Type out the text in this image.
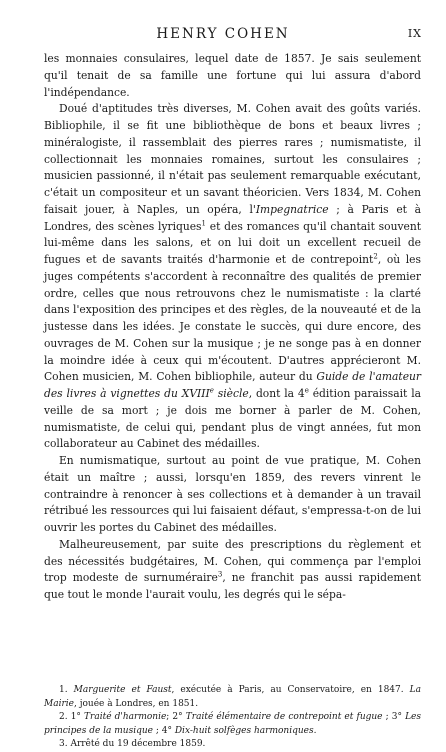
HENRY COHEN	IX

les monnaies consulaires, lequel date de 1857. Je sais seulement qu'il tenait de sa famille une fortune qui lui assura d'abord l'indépendance.

Doué d'aptitudes très diverses, M. Cohen avait des goûts variés. Bibliophile, il se fit une bibliothèque de bons et beaux livres ; minéralogiste, il rassemblait des pierres rares ; numismatiste, il collectionnait les monnaies romaines, surtout les consulaires ; musicien passionné, il n'était pas seulement remarquable exécutant, c'était un compositeur et un savant théoricien. Vers 1834, M. Cohen faisait jouer, à Naples, un opéra, l'Impegnatrice ; à Paris et à Londres, des scènes lyriques$^1$ et des romances qu'il chantait souvent lui-même dans les salons, et on lui doit un excellent recueil de fugues et de savants traités d'harmonie et de contrepoint$^2$, où les juges compétents s'accordent à reconnaître des qualités de premier ordre, celles que nous retrouvons chez le numismatiste : la clarté dans l'exposition des principes et des règles, de la nouveauté et de la justesse dans les idées. Je constate le succès, qui dure encore, des ouvrages de M. Cohen sur la musique ; je ne songe pas à en donner la moindre idée à ceux qui m'écoutent. D'autres apprécieront M. Cohen musicien, M. Cohen bibliophile, auteur du Guide de l'amateur des livres à vignettes du XVIIIe siècle, dont la 4e édition paraissait la veille de sa mort ; je dois me borner à parler de M. Cohen, numismatiste, de celui qui, pendant plus de vingt années, fut mon collaborateur au Cabinet des médailles.

En numismatique, surtout au point de vue pratique, M. Cohen était un maître ; aussi, lorsqu'en 1859, des revers vinrent le contraindre à renoncer à ses collections et à demander à un travail rétribué les ressources qui lui faisaient défaut, s'empressa-t-on de lui ouvrir les portes du Cabinet des médailles.

Malheureusement, par suite des prescriptions du règlement et des nécessités budgétaires, M. Cohen, qui commença par l'emploi trop modeste de surnuméraire$^3$, ne franchit pas aussi rapidement que tout le monde l'aurait voulu, les degrés qui le sépa-

1. Marguerite et Faust, exécutée à Paris, au Conservatoire, en 1847. La Mairie, jouée à Londres, en 1851.

2. 1° Traité d'harmonie; 2° Traité élémentaire de contrepoint et fugue ; 3° Les principes de la musique ; 4° Dix-huit solfèges harmoniques.

3. Arrêté du 19 décembre 1859.
